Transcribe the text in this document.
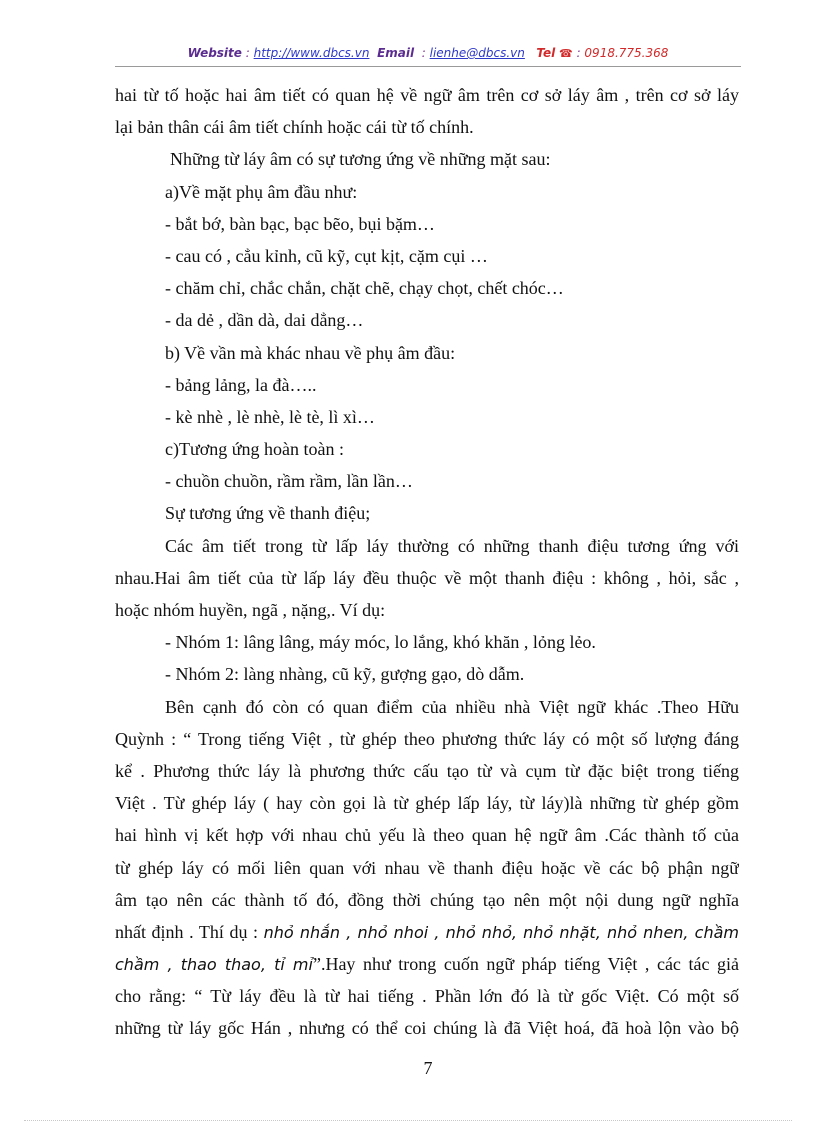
Website : http://www.dbcs.vn Email  : lienhe@dbcs.vn Tel ☎ : 0918.775.368
hai từ tố hoặc hai âm tiết có quan hệ về ngữ âm trên cơ sở láy âm , trên cơ sở láy
lại bản thân cái âm tiết chính hoặc cái từ tố chính.
Những từ láy âm có sự tương ứng về những mặt sau:
a)Về mặt phụ âm đầu như:
- bắt bớ, bàn bạc, bạc bẽo, bụi bặm…
- cau có , cẳu kỉnh, cũ kỹ, cụt kịt, cặm cụi …
- chăm chỉ, chắc chắn, chặt chẽ, chạy chọt, chết chóc…
- da dẻ , dần dà, dai dẳng…
b) Về vần mà khác nhau về phụ âm đầu:
- bảng lảng, la đà…..
- kè nhè , lè nhè, lè tè, lì xì…
c)Tương ứng hoàn toàn :
- chuồn chuồn, rầm rầm, lần lần…
Sự tương ứng về thanh điệu;
Các âm tiết trong từ lấp láy thường có những thanh điệu tương ứng với
nhau.Hai âm tiết của từ lấp láy đều thuộc về một thanh điệu : không , hỏi, sắc ,
hoặc nhóm huyền, ngã , nặng,. Ví dụ:
- Nhóm 1: lâng lâng, máy móc, lo lắng, khó khăn , lỏng lẻo.
- Nhóm 2: làng nhàng, cũ kỹ, gượng gạo, dò dẫm.
Bên cạnh đó còn có quan điểm của nhiều nhà Việt ngữ khác .Theo Hữu
Quỳnh : “ Trong tiếng Việt , từ ghép theo phương thức láy có một số lượng đáng
kể . Phương thức láy là phương thức cấu tạo từ và cụm từ đặc biệt trong tiếng
Việt . Từ ghép láy ( hay còn gọi là từ ghép lấp láy, từ láy)là những từ ghép gồm
hai hình vị kết hợp với nhau chủ yếu là theo quan hệ ngữ âm .Các thành tố của
từ ghép láy có mối liên quan với nhau về thanh điệu hoặc về các bộ phận ngữ
âm tạo nên các thành tố đó, đồng thời chúng tạo nên một nội dung ngữ nghĩa
nhất định . Thí dụ : nhỏ nhắn , nhỏ nhoi , nhỏ nhỏ, nhỏ nhặt, nhỏ nhen, chầm
chầm , thao thao, tỉ mỉ”.Hay như trong cuốn ngữ pháp tiếng Việt , các tác giả
cho rằng: “ Từ láy đều là từ hai tiếng . Phần lớn đó là từ gốc Việt. Có một số
những từ láy gốc Hán , nhưng có thể coi chúng là đã Việt hoá, đã hoà lộn vào bộ
7
